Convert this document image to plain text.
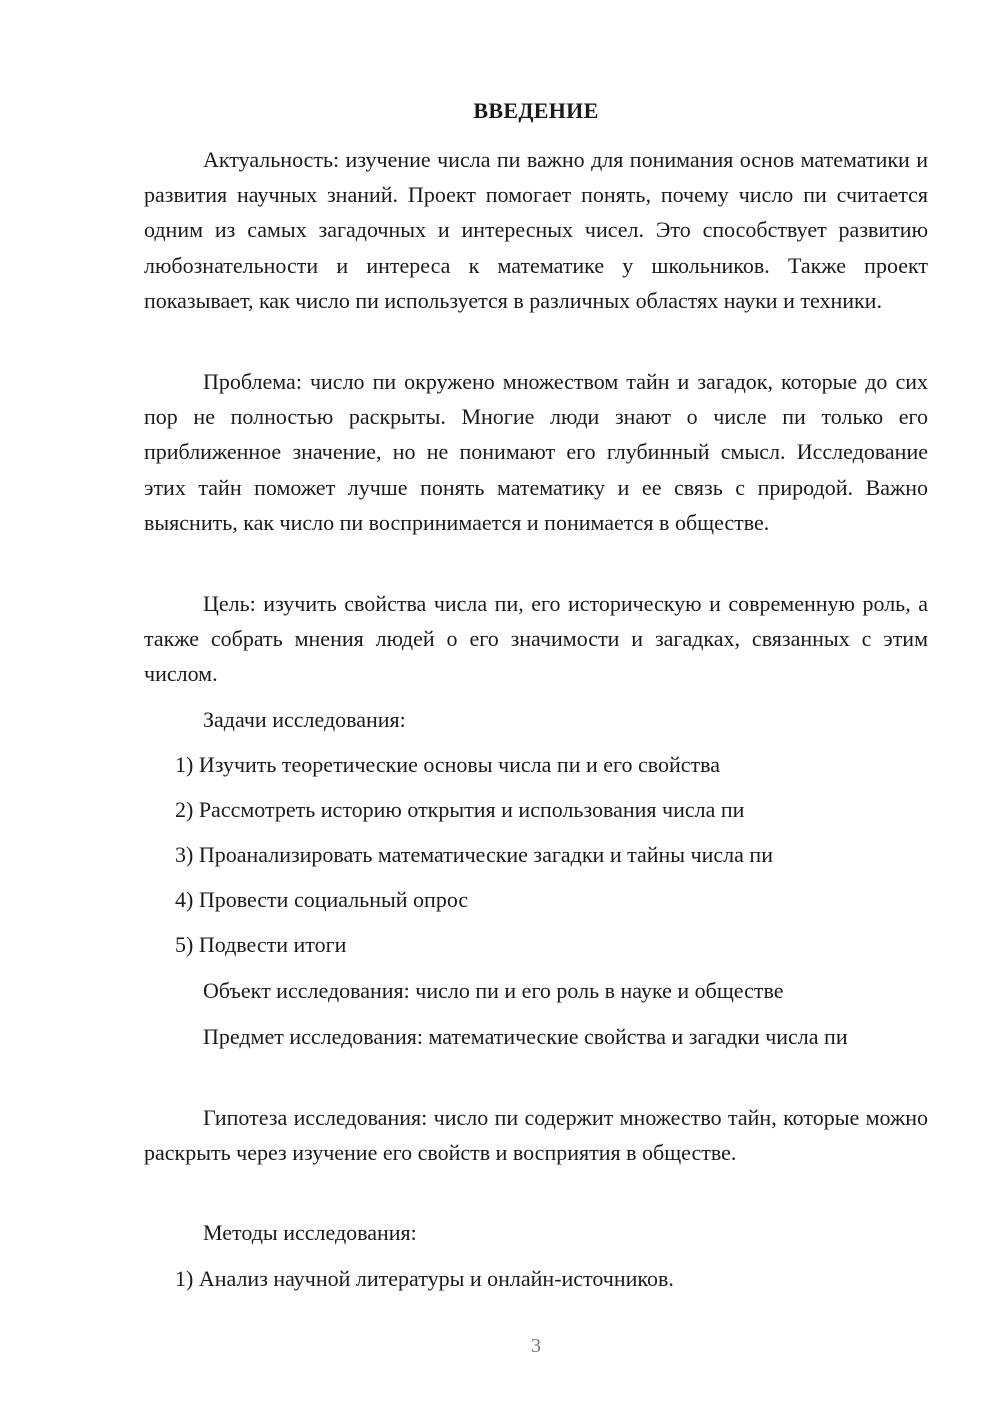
ВВЕДЕНИЕ

Актуальность: изучение числа пи важно для понимания основ математики и развития научных знаний. Проект помогает понять, почему число пи считается одним из самых загадочных и интересных чисел. Это способствует развитию любознательности и интереса к математике у школьников. Также проект показывает, как число пи используется в различных областях науки и техники.

Проблема: число пи окружено множеством тайн и загадок, которые до сих пор не полностью раскрыты. Многие люди знают о числе пи только его приближенное значение, но не понимают его глубинный смысл. Исследование этих тайн поможет лучше понять математику и ее связь с природой. Важно выяснить, как число пи воспринимается и понимается в обществе.

Цель: изучить свойства числа пи, его историческую и современную роль, а также собрать мнения людей о его значимости и загадках, связанных с этим числом.

Задачи исследования:
1) Изучить теоретические основы числа пи и его свойства
2) Рассмотреть историю открытия и использования числа пи
3) Проанализировать математические загадки и тайны числа пи
4) Провести социальный опрос
5) Подвести итоги
Объект исследования: число пи и его роль в науке и обществе

Предмет исследования: математические свойства и загадки числа пи

Гипотеза исследования: число пи содержит множество тайн, которые можно раскрыть через изучение его свойств и восприятия в обществе.

Методы исследования:
1) Анализ научной литературы и онлайн-источников.
3
